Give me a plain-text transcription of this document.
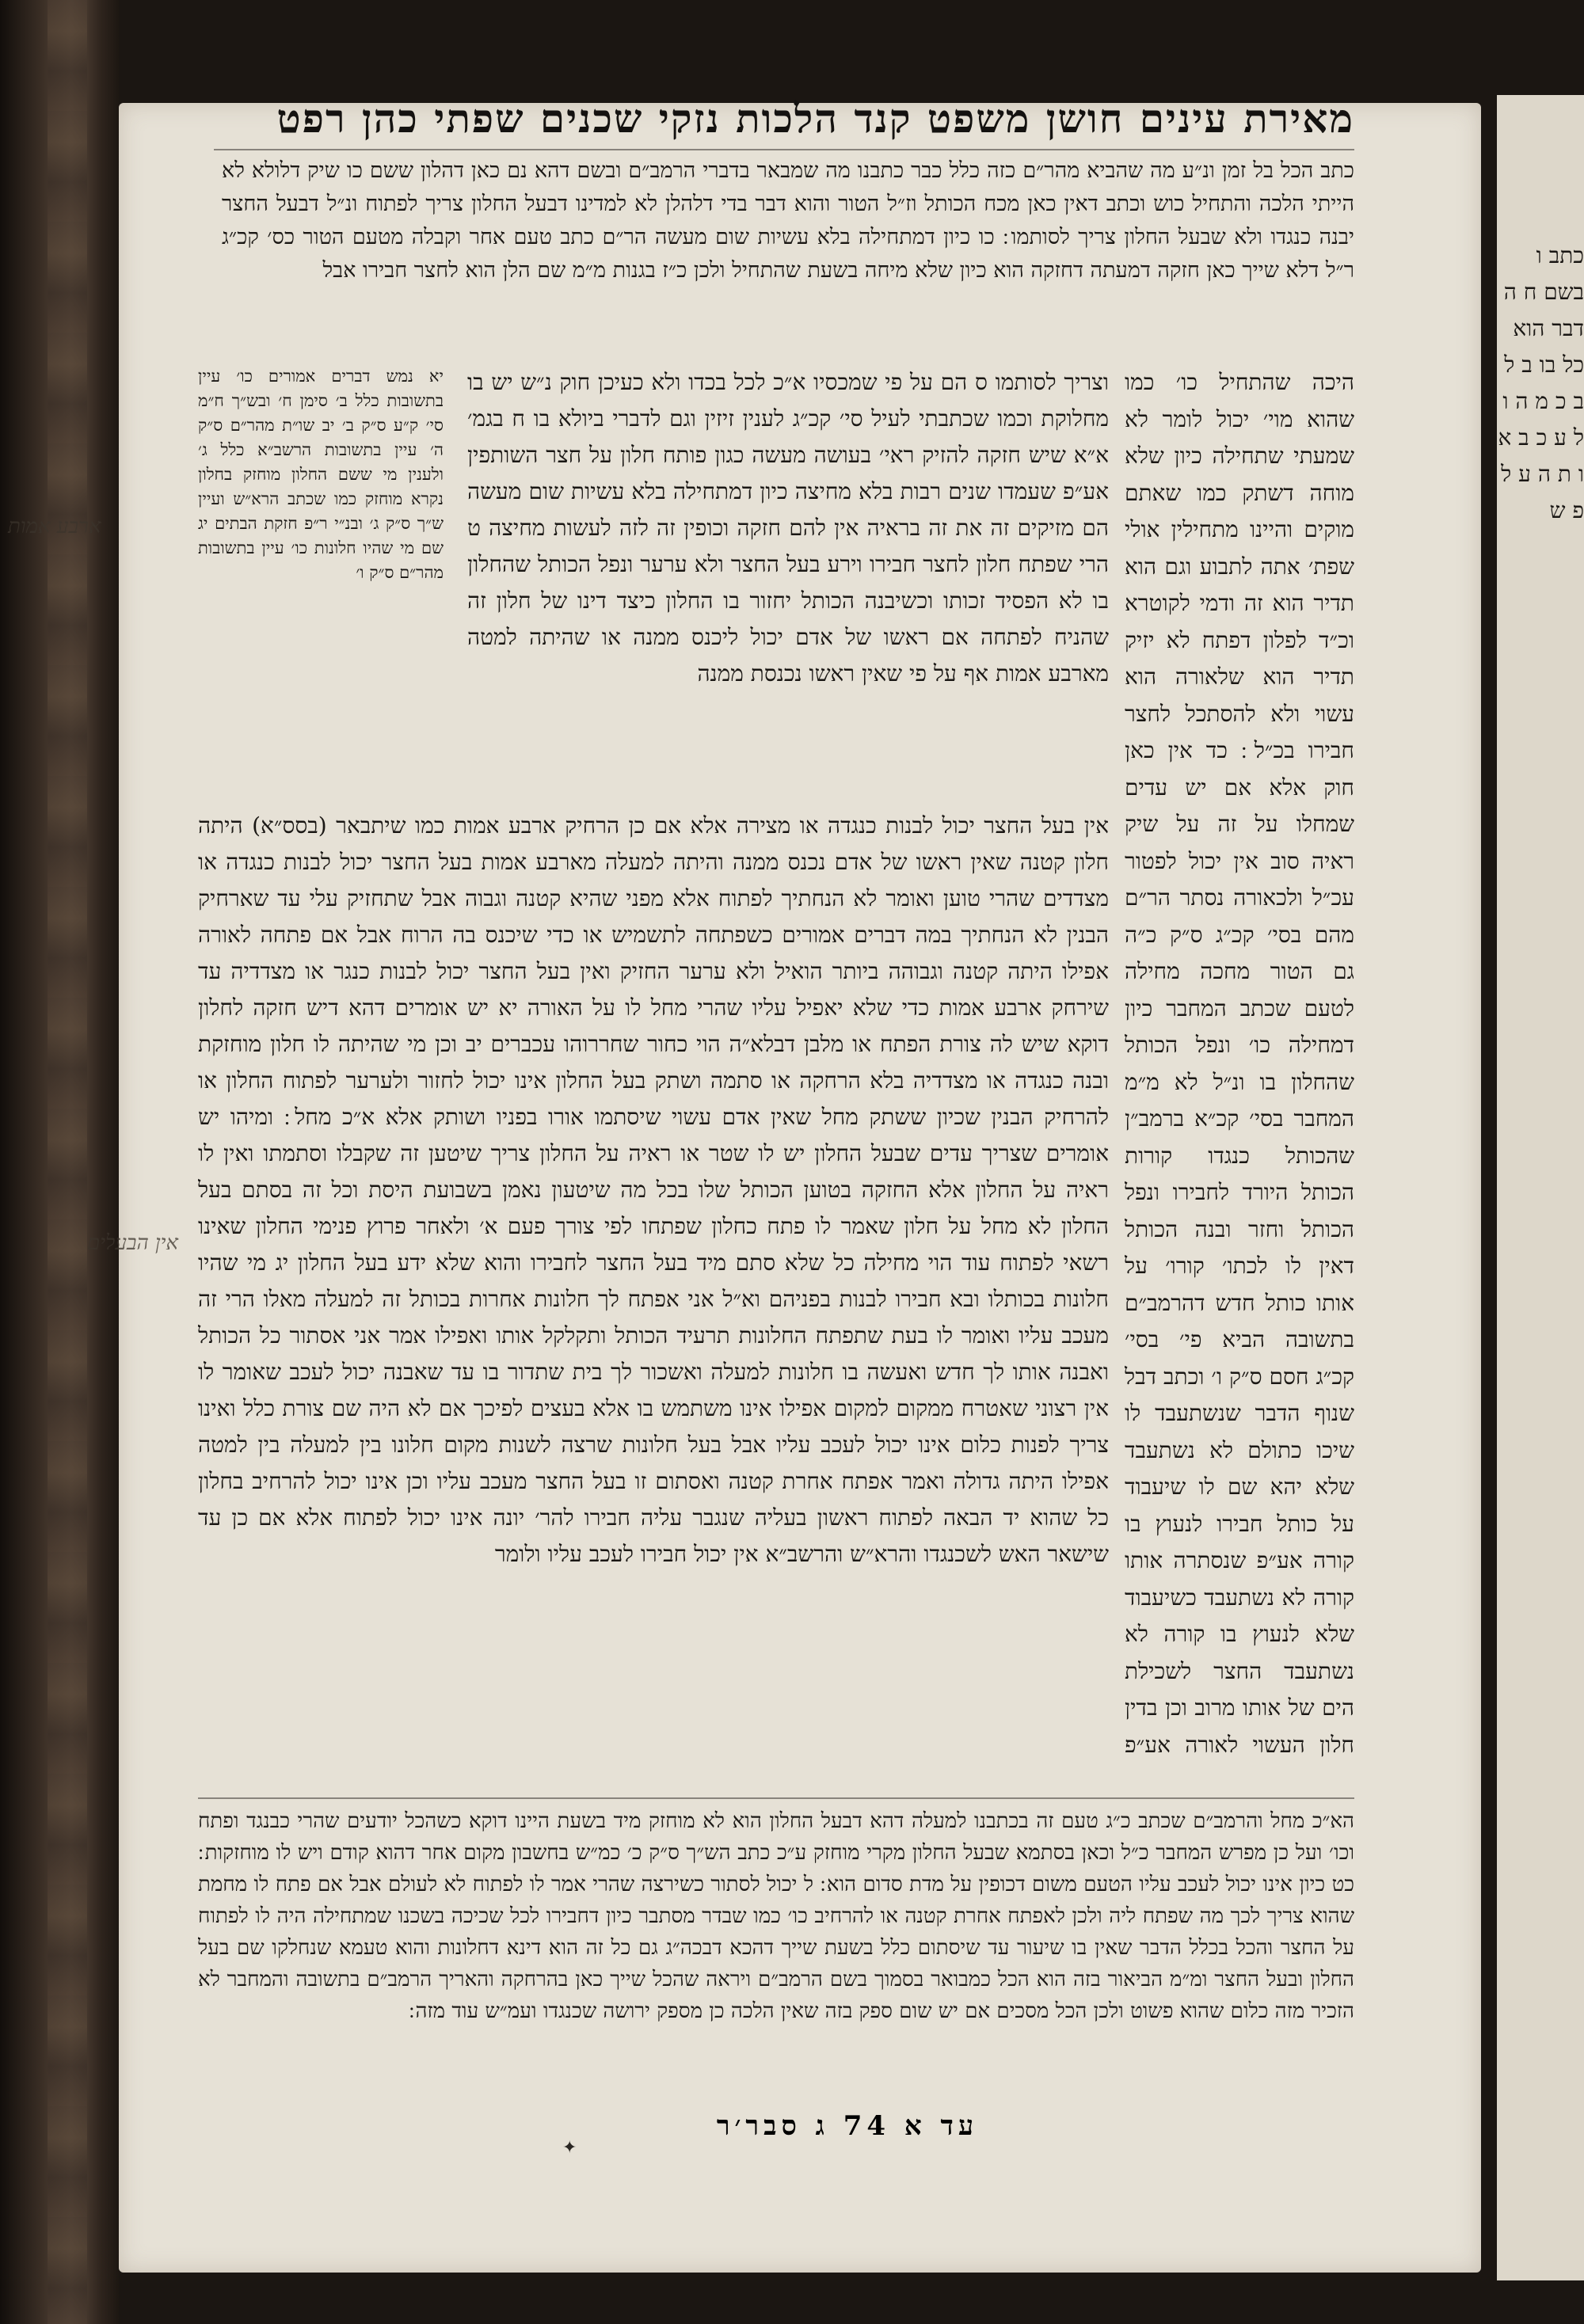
כתב ו בשם ח ה דבר הוא כל בו ב ל ב כ מ ה ו ל ע כ ב א ו ת ה ע ל פ ש
מאירת עינים חושן משפט קנד הלכות נזקי שכנים שפתי כהן רפט
כתב הכל בל זמן ונ״ע מה שהביא מהר״ם כזה כלל כבר כתבנו מה שמבאר בדברי הרמב״ם ובשם דהא נם כאן דהלון ששם כו שיק דלולא לא הייתי הלכה והתחיל כוש וכתב דאין כאן מכח הכותל וז״ל הטור והוא דבר בדי דלהלן לא למדינו דבעל החלון צריך לפתוח ונ״ל דבעל החצר יבנה כנגדו ולא שבעל החלון צריך לסותמו ׃ כו כיון דמתחילה בלא עשיות שום מעשה הר״ם כתב טעם אחר וקבלה מטעם הטור כס׳ קכ״ג ר״ל דלא שייך כאן חזקה דמעתה דחזקה הוא כיון שלא מיחה בשעת שהתחיל ולכן כ״ז בגנות מ״מ שם הלן הוא לחצר חבירו אבל
יא נמש דברים אמורים כו׳ עיין בתשובות כלל ב׳ סימן ח׳ ובש״ך ח״מ סי׳ ק״ע ס״ק ב׳ יב שו״ת מהר״ם ס״ק ה׳ עיין בתשובות הרשב״א כלל ג׳ ולענין מי ששם החלון מוחזק בחלון נקרא מוחזק כמו שכתב הרא״ש ועיין ש״ך ס״ק ג׳ ובנ״י ר״פ חזקת הבתים יג שם מי שהיו חלונות כו׳ עיין בתשובות מהר״ם ס״ק ו׳
וצריך לסותמו ס הם על פי שמכסיו א״כ לכל בכדו ולא כעיכן חוק נ״ש יש בו מחלוקת וכמו שכתבתי לעיל סי׳ קכ״ג לענין זיזין וגם לדברי ביולא בו ח בגמ׳ א״א שיש חזקה להזיק ראי׳ בעושה מעשה כגון פותח חלון על חצר השותפין אע״פ שעמדו שנים רבות בלא מחיצה כיון דמתחילה בלא עשיות שום מעשה הם מזיקים זה את זה בראיה אין להם חזקה וכופין זה לזה לעשות מחיצה ט הרי שפתח חלון לחצר חבירו וירע בעל החצר ולא ערער ונפל הכותל שהחלון בו לא הפסיד זכותו וכשיבנה הכותל יחזור בו החלון כיצד דינו של חלון זה שהניח לפתחה אם ראשו של אדם יכול ליכנס ממנה או שהיתה למטה מארבע אמות אף על פי שאין ראשו נכנסת ממנה
אין בעל החצר יכול לבנות כנגדה או מצירה אלא אם כן הרחיק ארבע אמות כמו שיתבאר (בסס״א) היתה חלון קטנה שאין ראשו של אדם נכנס ממנה והיתה למעלה מארבע אמות בעל החצר יכול לבנות כנגדה או מצדדים שהרי טוען ואומר לא הנחתיך לפתוח אלא מפני שהיא קטנה וגבוה אבל שתחזיק עלי עד שארחיק הבנין לא הנחתיך במה דברים אמורים כשפתחה לתשמיש או כדי שיכנס בה הרוח אבל אם פתחה לאורה אפילו היתה קטנה וגבוהה ביותר הואיל ולא ערער החזיק ואין בעל החצר יכול לבנות כנגר או מצדדיה עד שירחק ארבע אמות כדי שלא יאפיל עליו שהרי מחל לו על האורה יא יש אומרים דהא דיש חזקה לחלון דוקא שיש לה צורת הפתח או מלבן דבלא״ה הוי כחור שחררוהו עכברים יב וכן מי שהיתה לו חלון מוחזקת ובנה כנגדה או מצדדיה בלא הרחקה או סתמה ושתק בעל החלון אינו יכול לחזור ולערער לפתוח החלון או להרחיק הבנין שכיון ששתק מחל שאין אדם עשוי שיסתמו אורו בפניו ושותק אלא א״כ מחל ׃ ומיהו יש אומרים שצריך עדים שבעל החלון יש לו שטר או ראיה על החלון צריך שיטען זה שקבלו וסתמתו ואין לו ראיה על החלון אלא החזקה בטוען הכותל שלו בכל מה שיטעון נאמן בשבועת היסת וכל זה בסתם בעל החלון לא מחל על חלון שאמר לו פתח כחלון שפתחו לפי צורך פעם א׳ ולאחר פרוץ פנימי החלון שאינו רשאי לפתוח עוד הוי מחילה כל שלא סתם מיד בעל החצר לחבירו והוא שלא ידע בעל החלון יג מי שהיו חלונות בכותלו ובא חבירו לבנות בפניהם וא״ל אני אפתח לך חלונות אחרות בכותל זה למעלה מאלו הרי זה מעכב עליו ואומר לו בעת שתפתח החלונות תרעיד הכותל ותקלקל אותו ואפילו אמר אני אסתור כל הכותל ואבנה אותו לך חדש ואעשה בו חלונות למעלה ואשכור לך בית שתדור בו עד שאבנה יכול לעכב שאומר לו אין רצוני שאטרח ממקום למקום אפילו אינו משתמש בו אלא בעצים לפיכך אם לא היה שם צורת כלל ואינו צריך לפנות כלום אינו יכול לעכב עליו אבל בעל חלונות שרצה לשנות מקום חלונו בין למעלה בין למטה אפילו היתה גדולה ואמר אפתח אחרת קטנה ואסתום זו בעל החצר מעכב עליו וכן אינו יכול להרחיב בחלון כל שהוא יד הבאה לפתוח ראשון בעליה שנגבר עליה חבירו להר׳ יונה אינו יכול לפתוח אלא אם כן עד שישאר האש לשכנגדו והרא״ש והרשב״א אין יכול חבירו לעכב עליו ולומר
היכה שהתחיל כו׳ כמו שהוא מוי׳ יכול לומר לא שמעתי שתחילה כיון שלא מוחה דשתק כמו שאתם מוקים והיינו מתחילין אולי שפת׳ אתה לתבוע וגם הוא תדיר הוא זה ודמי לקוטרא וכ״ד לפלון דפתח לא יזיק תדיר הוא שלאורה הוא עשוי ולא להסתכל לחצר חבירו בכ״ל ׃ כד אין כאן חוק אלא אם יש עדים שמחלו על זה על שיק ראיה סוב אין יכול לפטור עכ״ל ולכאורה נסתר הר״ם מהם בסי׳ קכ״ג ס״ק כ״ה גם הטור מחכה מחילה לטעם שכתב המחבר כיון דמחילה כו׳ ונפל הכותל שהחלון בו ונ״ל לא מ״מ המחבר בסי׳ קכ״א ברמב״ן שהכותל כנגדו קורות הכותל היורד לחבירו ונפל הכותל וחזר ובנה הכותל דאין לו לכתו׳ קורו׳ על אותו כותל חדש דהרמב״ם בתשובה הביא פי׳ בסי׳ קכ״ג חסם ס״ק ו׳ וכתב דבל שנוף הדבר שנשתעבד לו שיכו כתולם לא נשתעבד שלא יהא שם לו שיעבוד על כותל חבירו לנעוץ בו קורה אע״פ שנסתרה אותו קורה לא נשתעבד כשיעבוד שלא לנעוץ בו קורה לא נשתעבד החצר לשכילת הים של אותו מרוב וכן בדין חלון העשוי לאורה אע״פ
הא״כ מחל והרמב״ם שכתב כ״ג טעם זה בכתבנו למעלה דהא דבעל החלון הוא לא מוחזק מיד בשעת היינו דוקא כשהכל יודעים שהרי כבנגד ופתח וכו׳ ועל כן מפרש המחבר כ״ל וכאן בסתמא שבעל החלון מקרי מוחזק ע״כ כתב הש״ך ס״ק כ׳ כמ״ש בחשבון מקום אחר דהוא קודם ויש לו מוחזקות ׃ כט כיון אינו יכול לעכב עליו הטעם משום דכופין על מדת סדום הוא ׃ ל יכול לסתור כשירצה שהרי אמר לו לפתוח לא לעולם אבל אם פתח לו מחמת שהוא צריך לכך מה שפתח ליה ולכן לאפתח אחרת קטנה או להרחיב כו׳ כמו שבדר מסתבר כיון דחבירו לכל שכיכה בשכנו שמתחילה היה לו לפתוח על החצר והכל בכלל הדבר שאין בו שיעור עד שיסתום כלל בשעת שייך דהכא דבכה״ג גם כל זה הוא דינא דחלונות והוא טעמא שנחלקו שם בעל החלון ובעל החצר ומ״מ הביאור בזה הוא הכל כמבואר בסמוך בשם הרמב״ם ויראה שהכל שייך כאן בהרחקה והאריך הרמב״ם בתשובה והמחבר לא הזכיר מזה כלום שהוא פשוט ולכן הכל מסכים אם יש שום ספק בזה שאין הלכה כן מספק ירושה שכנגדו ועמ״ש עוד מזה ׃
עד א 74 ג סבר׳ר
✦
ארבע אמות
אין הבעלים
